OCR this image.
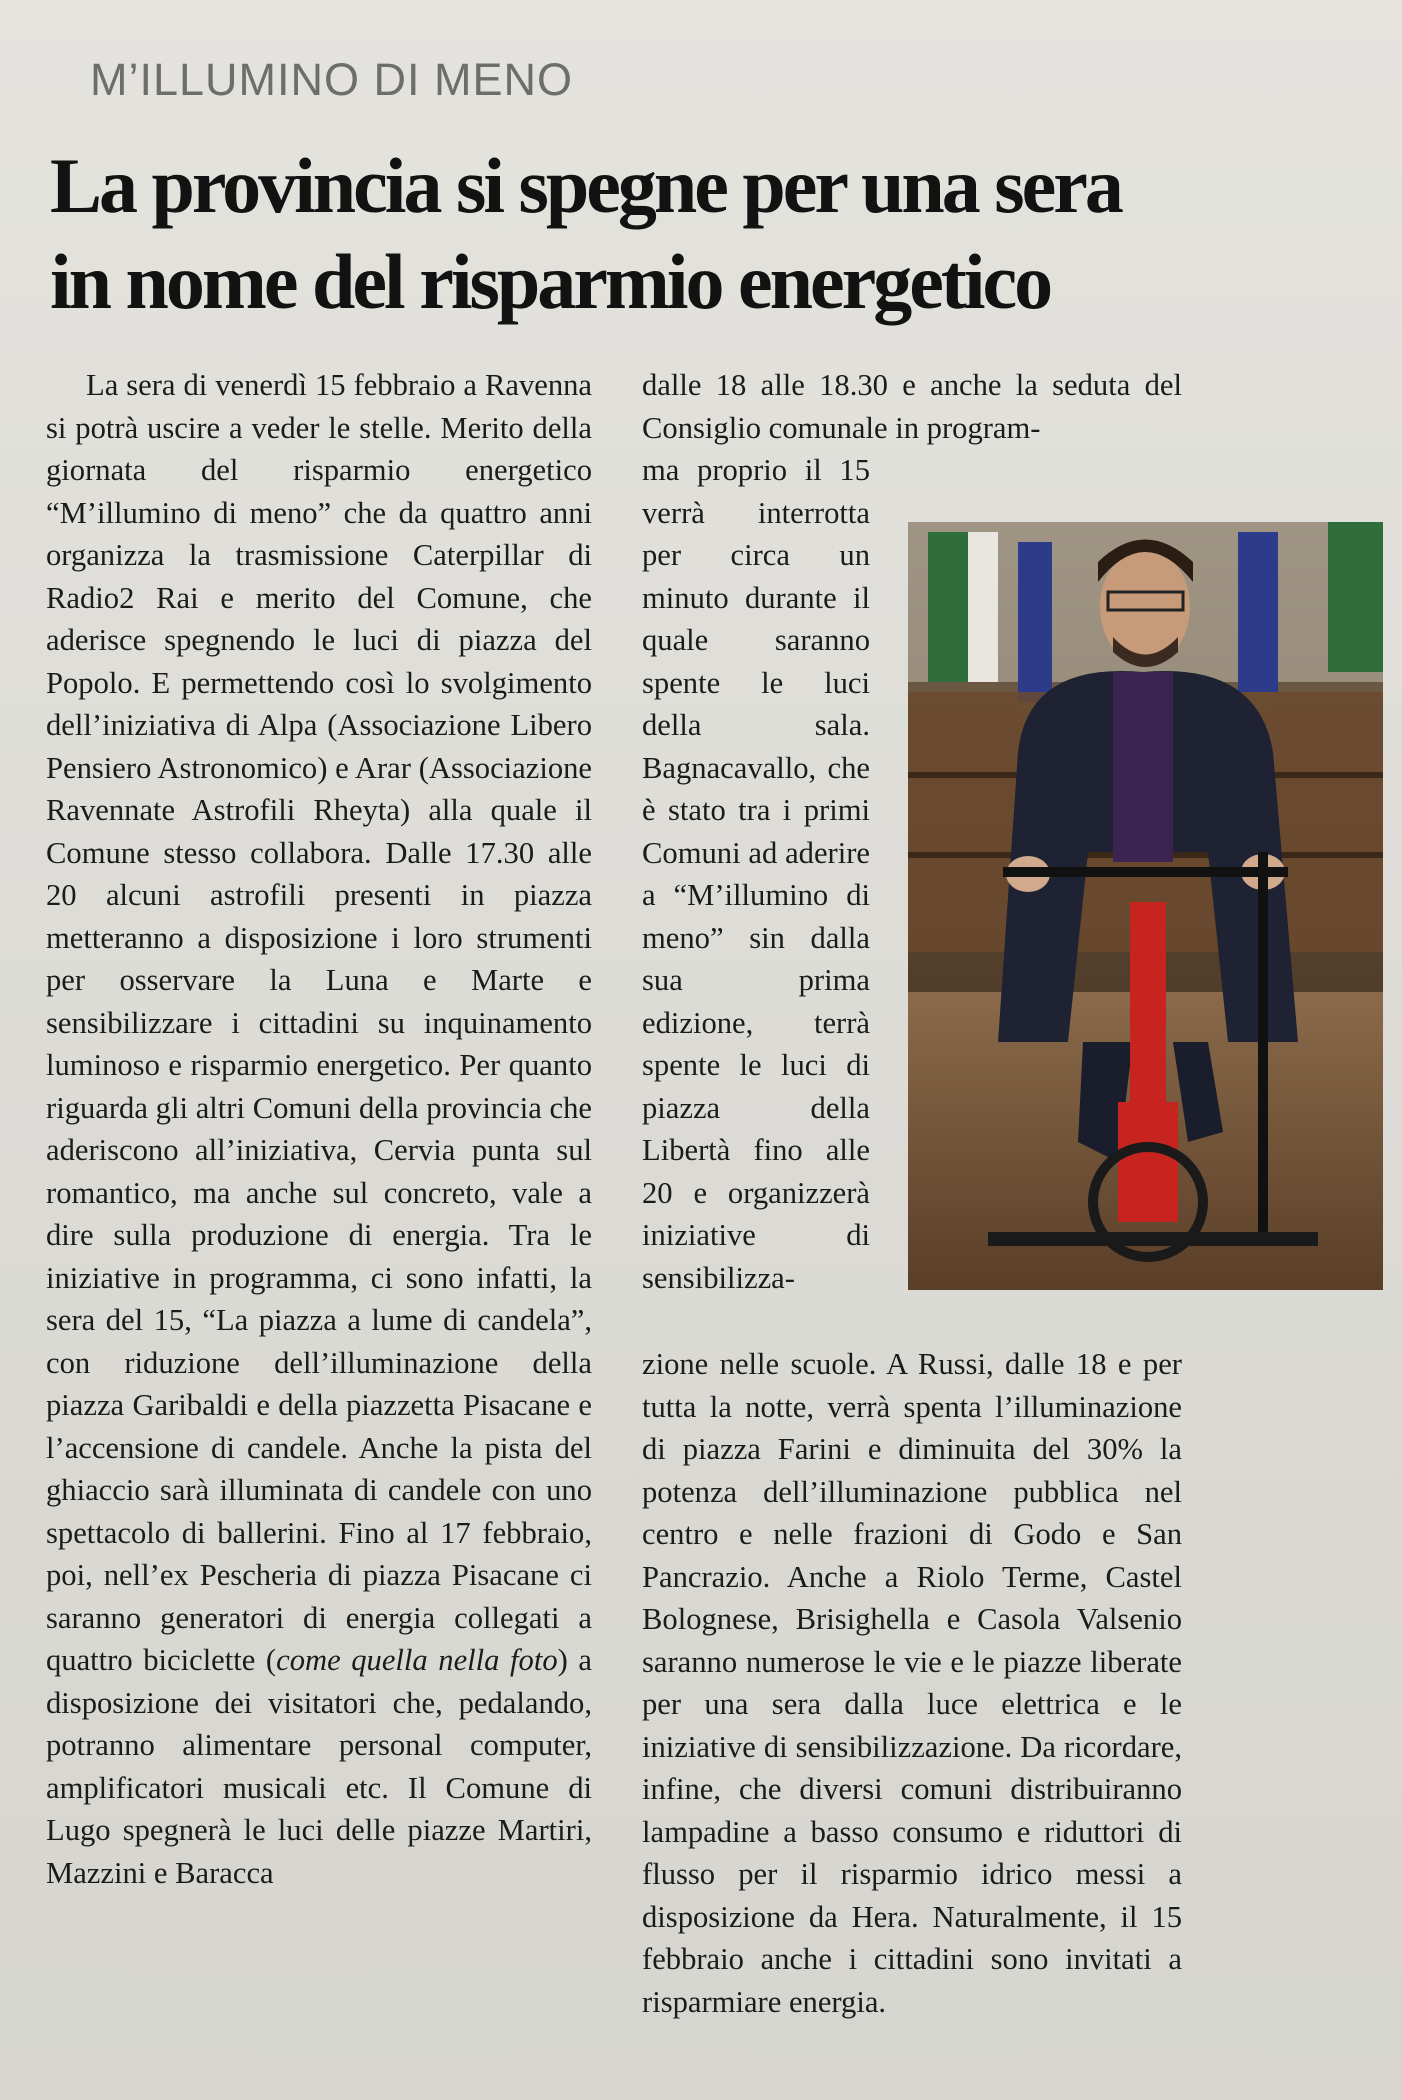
M’ILLUMINO DI MENO
La provincia si spegne per una sera
in nome del risparmio energetico

La sera di venerdì 15 febbraio a Ravenna si potrà uscire a veder le stelle. Merito della giornata del risparmio energetico “M’illumino di meno” che da quattro anni organizza la trasmissione Caterpillar di Radio2 Rai e merito del Comune, che aderisce spegnendo le luci di piazza del Popolo. E permettendo così lo svolgimento dell’iniziativa di Alpa (Associazione Libero Pensiero Astronomico) e Arar (Associazione Ravennate Astrofili Rheyta) alla quale il Comune stesso collabora. Dalle 17.30 alle 20 alcuni astrofili presenti in piazza metteranno a disposizione i loro strumenti per osservare la Luna e Marte e sensibilizzare i cittadini su inquinamento luminoso e risparmio energetico. Per quanto riguarda gli altri Comuni della provincia che aderiscono all’iniziativa, Cervia punta sul romantico, ma anche sul concreto, vale a dire sulla produzione di energia. Tra le iniziative in programma, ci sono infatti, la sera del 15, “La piazza a lume di candela”, con riduzione dell’illuminazione della piazza Garibaldi e della piazzetta Pisacane e l’accensione di candele. Anche la pista del ghiaccio sarà illuminata di candele con uno spettacolo di ballerini. Fino al 17 febbraio, poi, nell’ex Pescheria di piazza Pisacane ci saranno generatori di energia collegati a quattro biciclette (come quella nella foto) a disposizione dei visitatori che, pedalando, potranno alimentare personal computer, amplificatori musicali etc. Il Comune di Lugo spegnerà le luci delle piazze Martiri, Mazzini e Baracca

dalle 18 alle 18.30 e anche la seduta del Consiglio comunale in program-

ma proprio il 15 verrà interrotta per circa un minuto durante il quale saranno spente le luci della sala. Bagnacavallo, che è stato tra i primi Comuni ad aderire a “M’illumino di meno” sin dalla sua prima edizione, terrà spente le luci di piazza della Libertà fino alle 20 e organizzerà iniziative di sensibilizza-

zione nelle scuole. A Russi, dalle 18 e per tutta la notte, verrà spenta l’illuminazione di piazza Farini e diminuita del 30% la potenza dell’illuminazione pubblica nel centro e nelle frazioni di Godo e San Pancrazio. Anche a Riolo Terme, Castel Bolognese, Brisighella e Casola Valsenio saranno numerose le vie e le piazze liberate per una sera dalla luce elettrica e le iniziative di sensibilizzazione. Da ricordare, infine, che diversi comuni distribuiranno lampadine a basso consumo e riduttori di flusso per il risparmio idrico messi a disposizione da Hera. Naturalmente, il 15 febbraio anche i cittadini sono invitati a risparmiare energia.
